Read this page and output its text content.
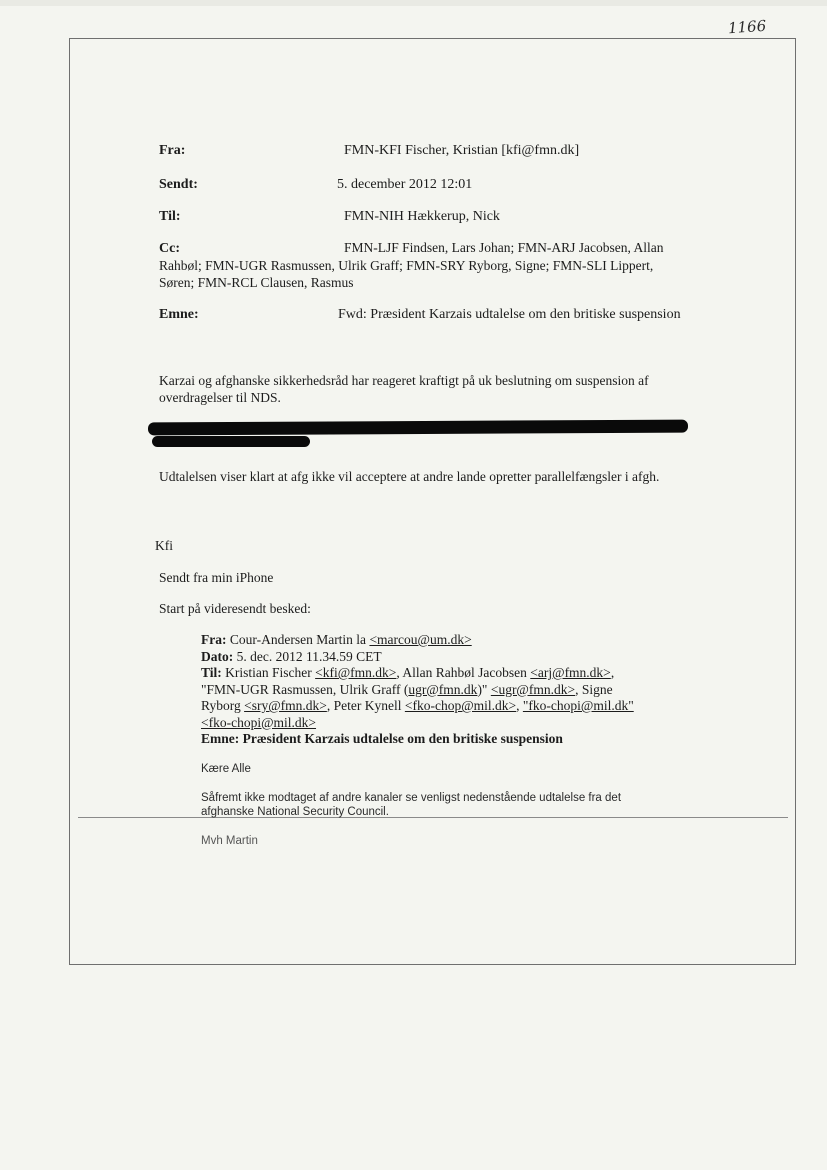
1166
Fra:	FMN-KFI Fischer, Kristian [kfi@fmn.dk]
Sendt:	5. december 2012 12:01
Til:	FMN-NIH Hækkerup, Nick
Cc:	FMN-LJF Findsen, Lars Johan; FMN-ARJ Jacobsen, Allan
Rahbøl; FMN-UGR Rasmussen, Ulrik Graff; FMN-SRY Ryborg, Signe; FMN-SLI Lippert,
Søren; FMN-RCL Clausen, Rasmus
Emne:	Fwd: Præsident Karzais udtalelse om den britiske suspension
Karzai og afghanske sikkerhedsråd har reageret kraftigt på uk beslutning om suspension af
overdragelser til NDS.
Udtalelsen viser klart at afg ikke vil acceptere at andre lande opretter parallelfængsler i afgh.
Kfi
Sendt fra min iPhone
Start på videresendt besked:
Fra: Cour-Andersen Martin la <marcou@um.dk>
Dato: 5. dec. 2012 11.34.59 CET
Til: Kristian Fischer <kfi@fmn.dk>, Allan Rahbøl Jacobsen <arj@fmn.dk>,
"FMN-UGR Rasmussen, Ulrik Graff (ugr@fmn.dk)" <ugr@fmn.dk>, Signe
Ryborg <sry@fmn.dk>, Peter Kynell <fko-chop@mil.dk>, "fko-chopi@mil.dk"
<fko-chopi@mil.dk>
Emne: Præsident Karzais udtalelse om den britiske suspension
Kære Alle
Såfremt ikke modtaget af andre kanaler se venligst nedenstående udtalelse fra det
afghanske National Security Council.
Mvh Martin
